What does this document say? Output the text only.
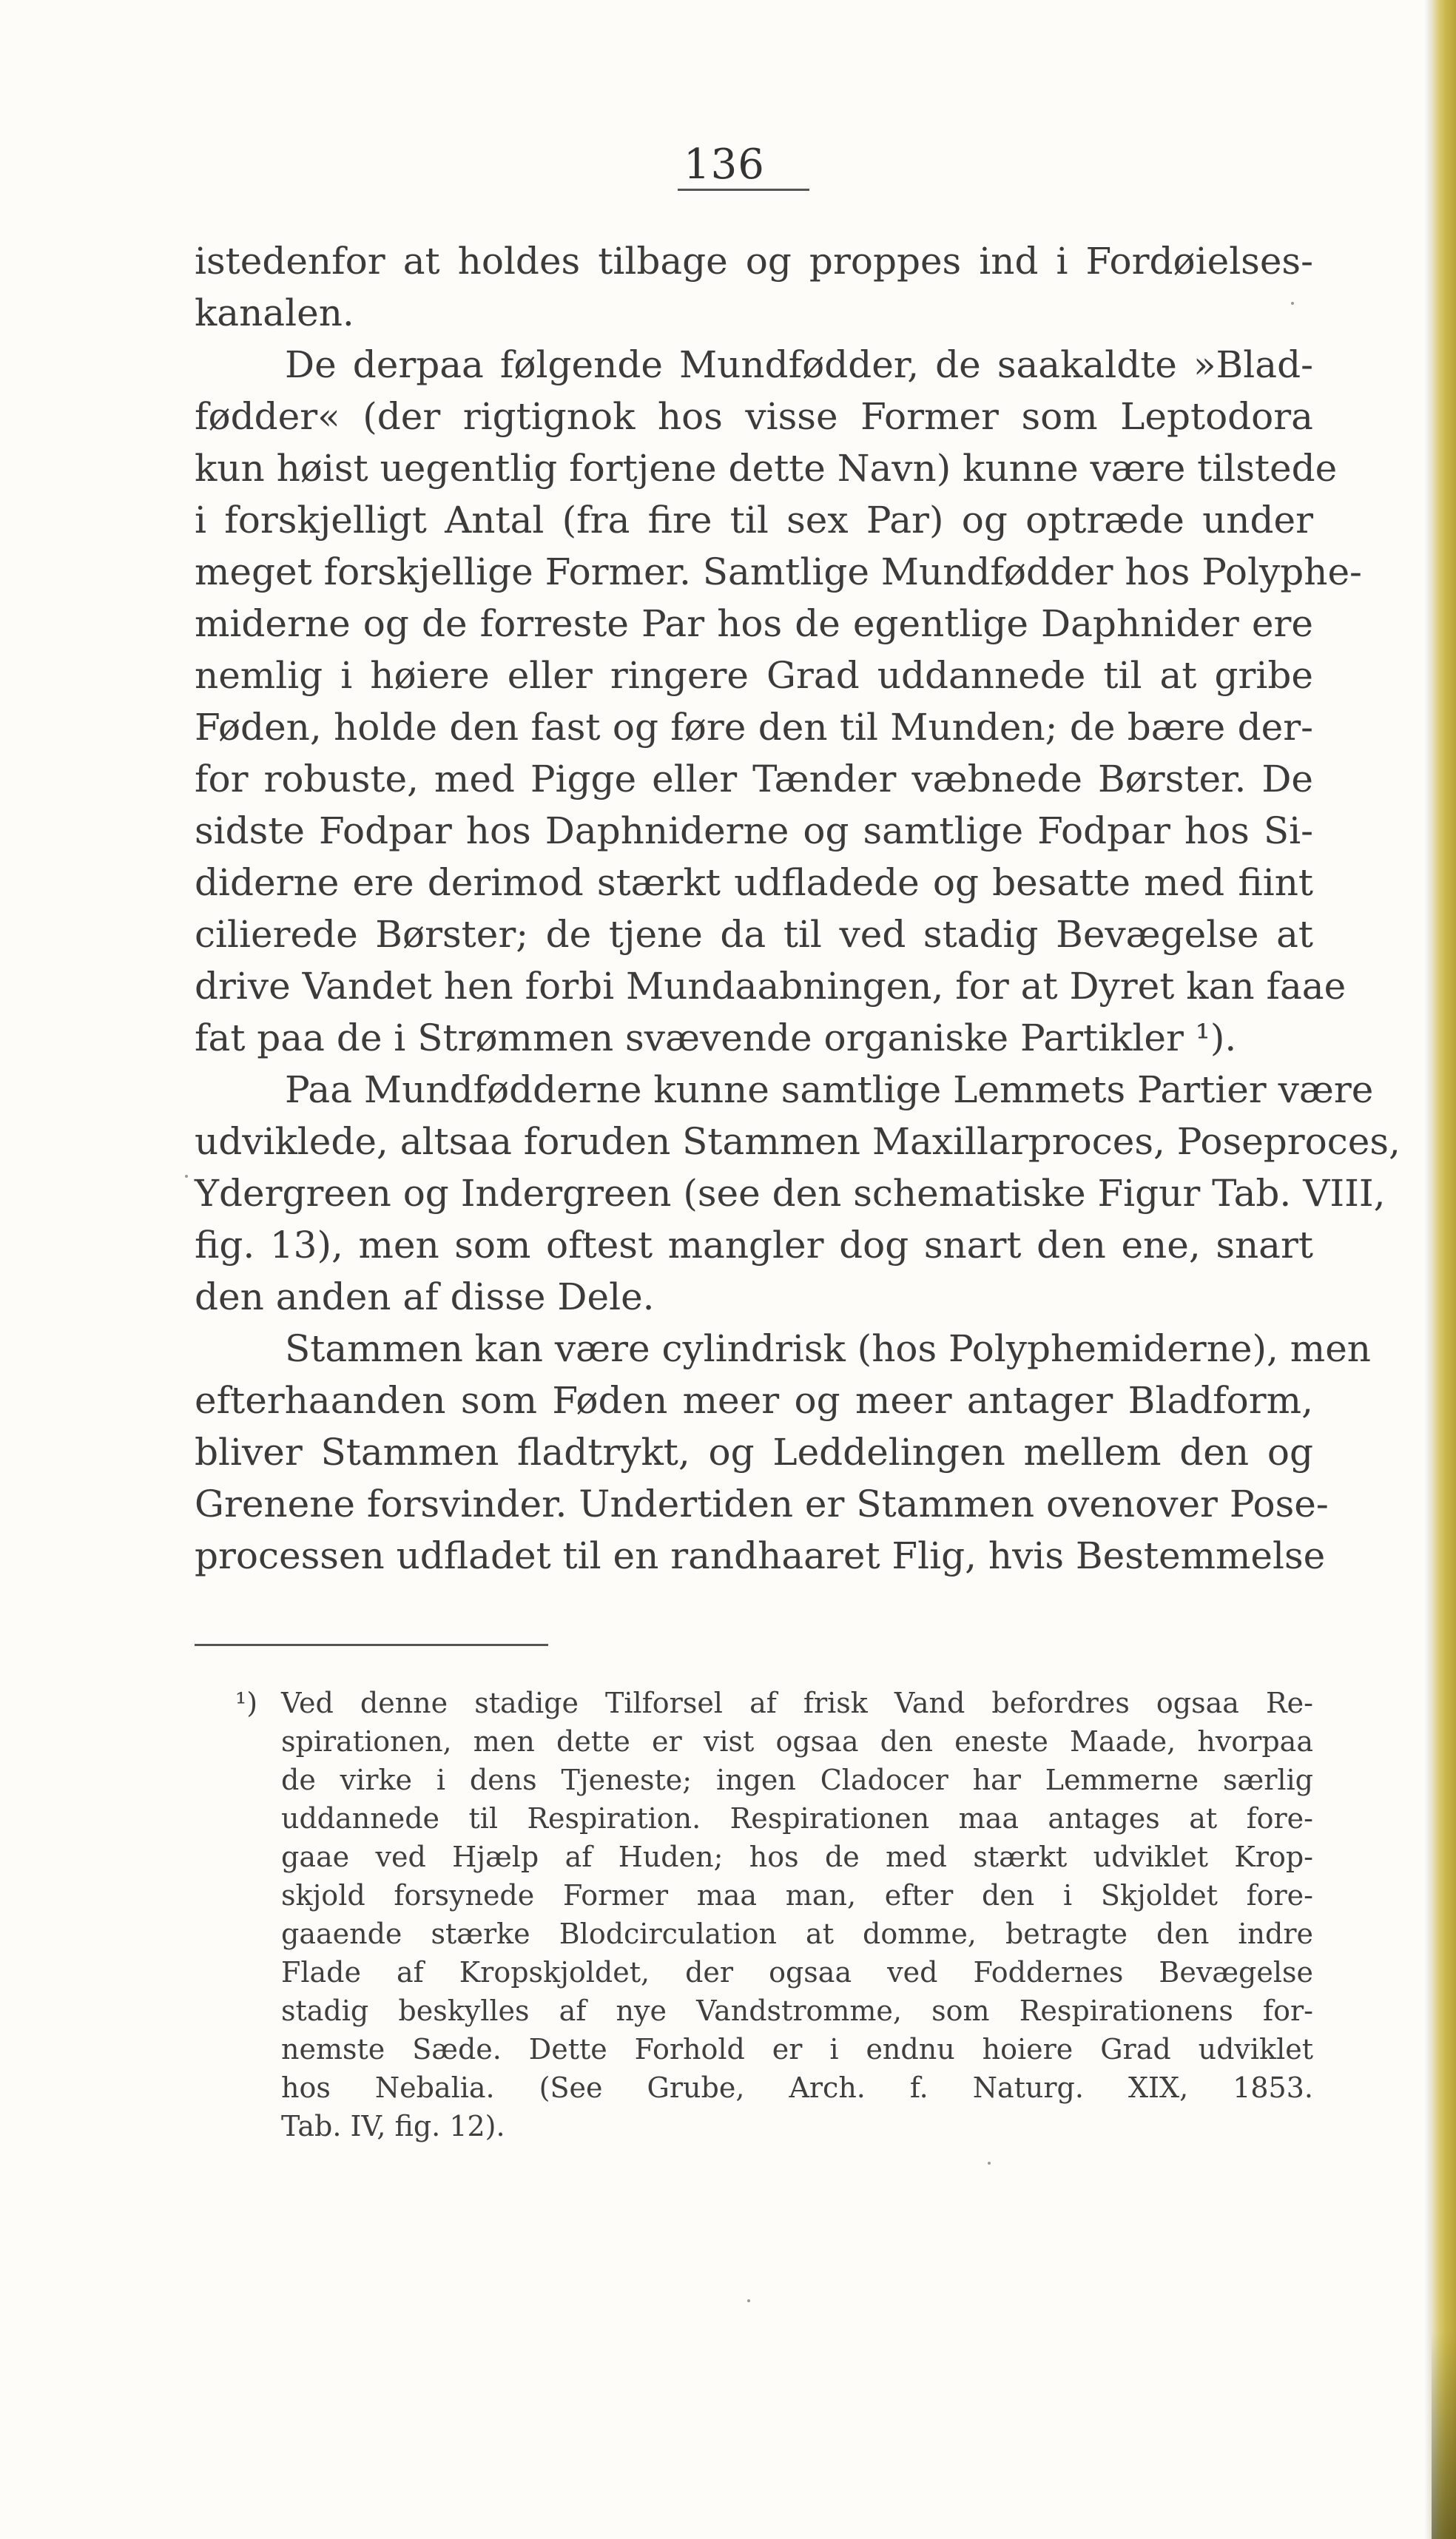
136
istedenfor at holdes tilbage og proppes ind i Fordøielses-
kanalen.
De derpaa følgende Mundfødder, de saakaldte »Blad-
fødder« (der rigtignok hos visse Former som Leptodora
kun høist uegentlig fortjene dette Navn) kunne være tilstede
i forskjelligt Antal (fra fire til sex Par) og optræde under
meget forskjellige Former. Samtlige Mundfødder hos Polyphe-
miderne og de forreste Par hos de egentlige Daphnider ere
nemlig i høiere eller ringere Grad uddannede til at gribe
Føden, holde den fast og føre den til Munden; de bære der-
for robuste, med Pigge eller Tænder væbnede Børster. De
sidste Fodpar hos Daphniderne og samtlige Fodpar hos Si-
diderne ere derimod stærkt udfladede og besatte med fiint
cilierede Børster; de tjene da til ved stadig Bevægelse at
drive Vandet hen forbi Mundaabningen, for at Dyret kan faae
fat paa de i Strømmen svævende organiske Partikler ¹).
Paa Mundfødderne kunne samtlige Lemmets Partier være
udviklede, altsaa foruden Stammen Maxillarproces, Poseproces,
Ydergreen og Indergreen (see den schematiske Figur Tab. VIII,
fig. 13), men som oftest mangler dog snart den ene, snart
den anden af disse Dele.
Stammen kan være cylindrisk (hos Polyphemiderne), men
efterhaanden som Føden meer og meer antager Bladform,
bliver Stammen fladtrykt, og Leddelingen mellem den og
Grenene forsvinder. Undertiden er Stammen ovenover Pose-
processen udfladet til en randhaaret Flig, hvis Bestemmelse
¹) Ved denne stadige Tilforsel af frisk Vand befordres ogsaa Re-
spirationen, men dette er vist ogsaa den eneste Maade, hvorpaa
de virke i dens Tjeneste; ingen Cladocer har Lemmerne særlig
uddannede til Respiration. Respirationen maa antages at fore-
gaae ved Hjælp af Huden; hos de med stærkt udviklet Krop-
skjold forsynede Former maa man, efter den i Skjoldet fore-
gaaende stærke Blodcirculation at domme, betragte den indre
Flade af Kropskjoldet, der ogsaa ved Foddernes Bevægelse
stadig beskylles af nye Vandstromme, som Respirationens for-
nemste Sæde. Dette Forhold er i endnu hoiere Grad udviklet
hos Nebalia. (See Grube, Arch. f. Naturg. XIX, 1853.
Tab. IV, fig. 12).
